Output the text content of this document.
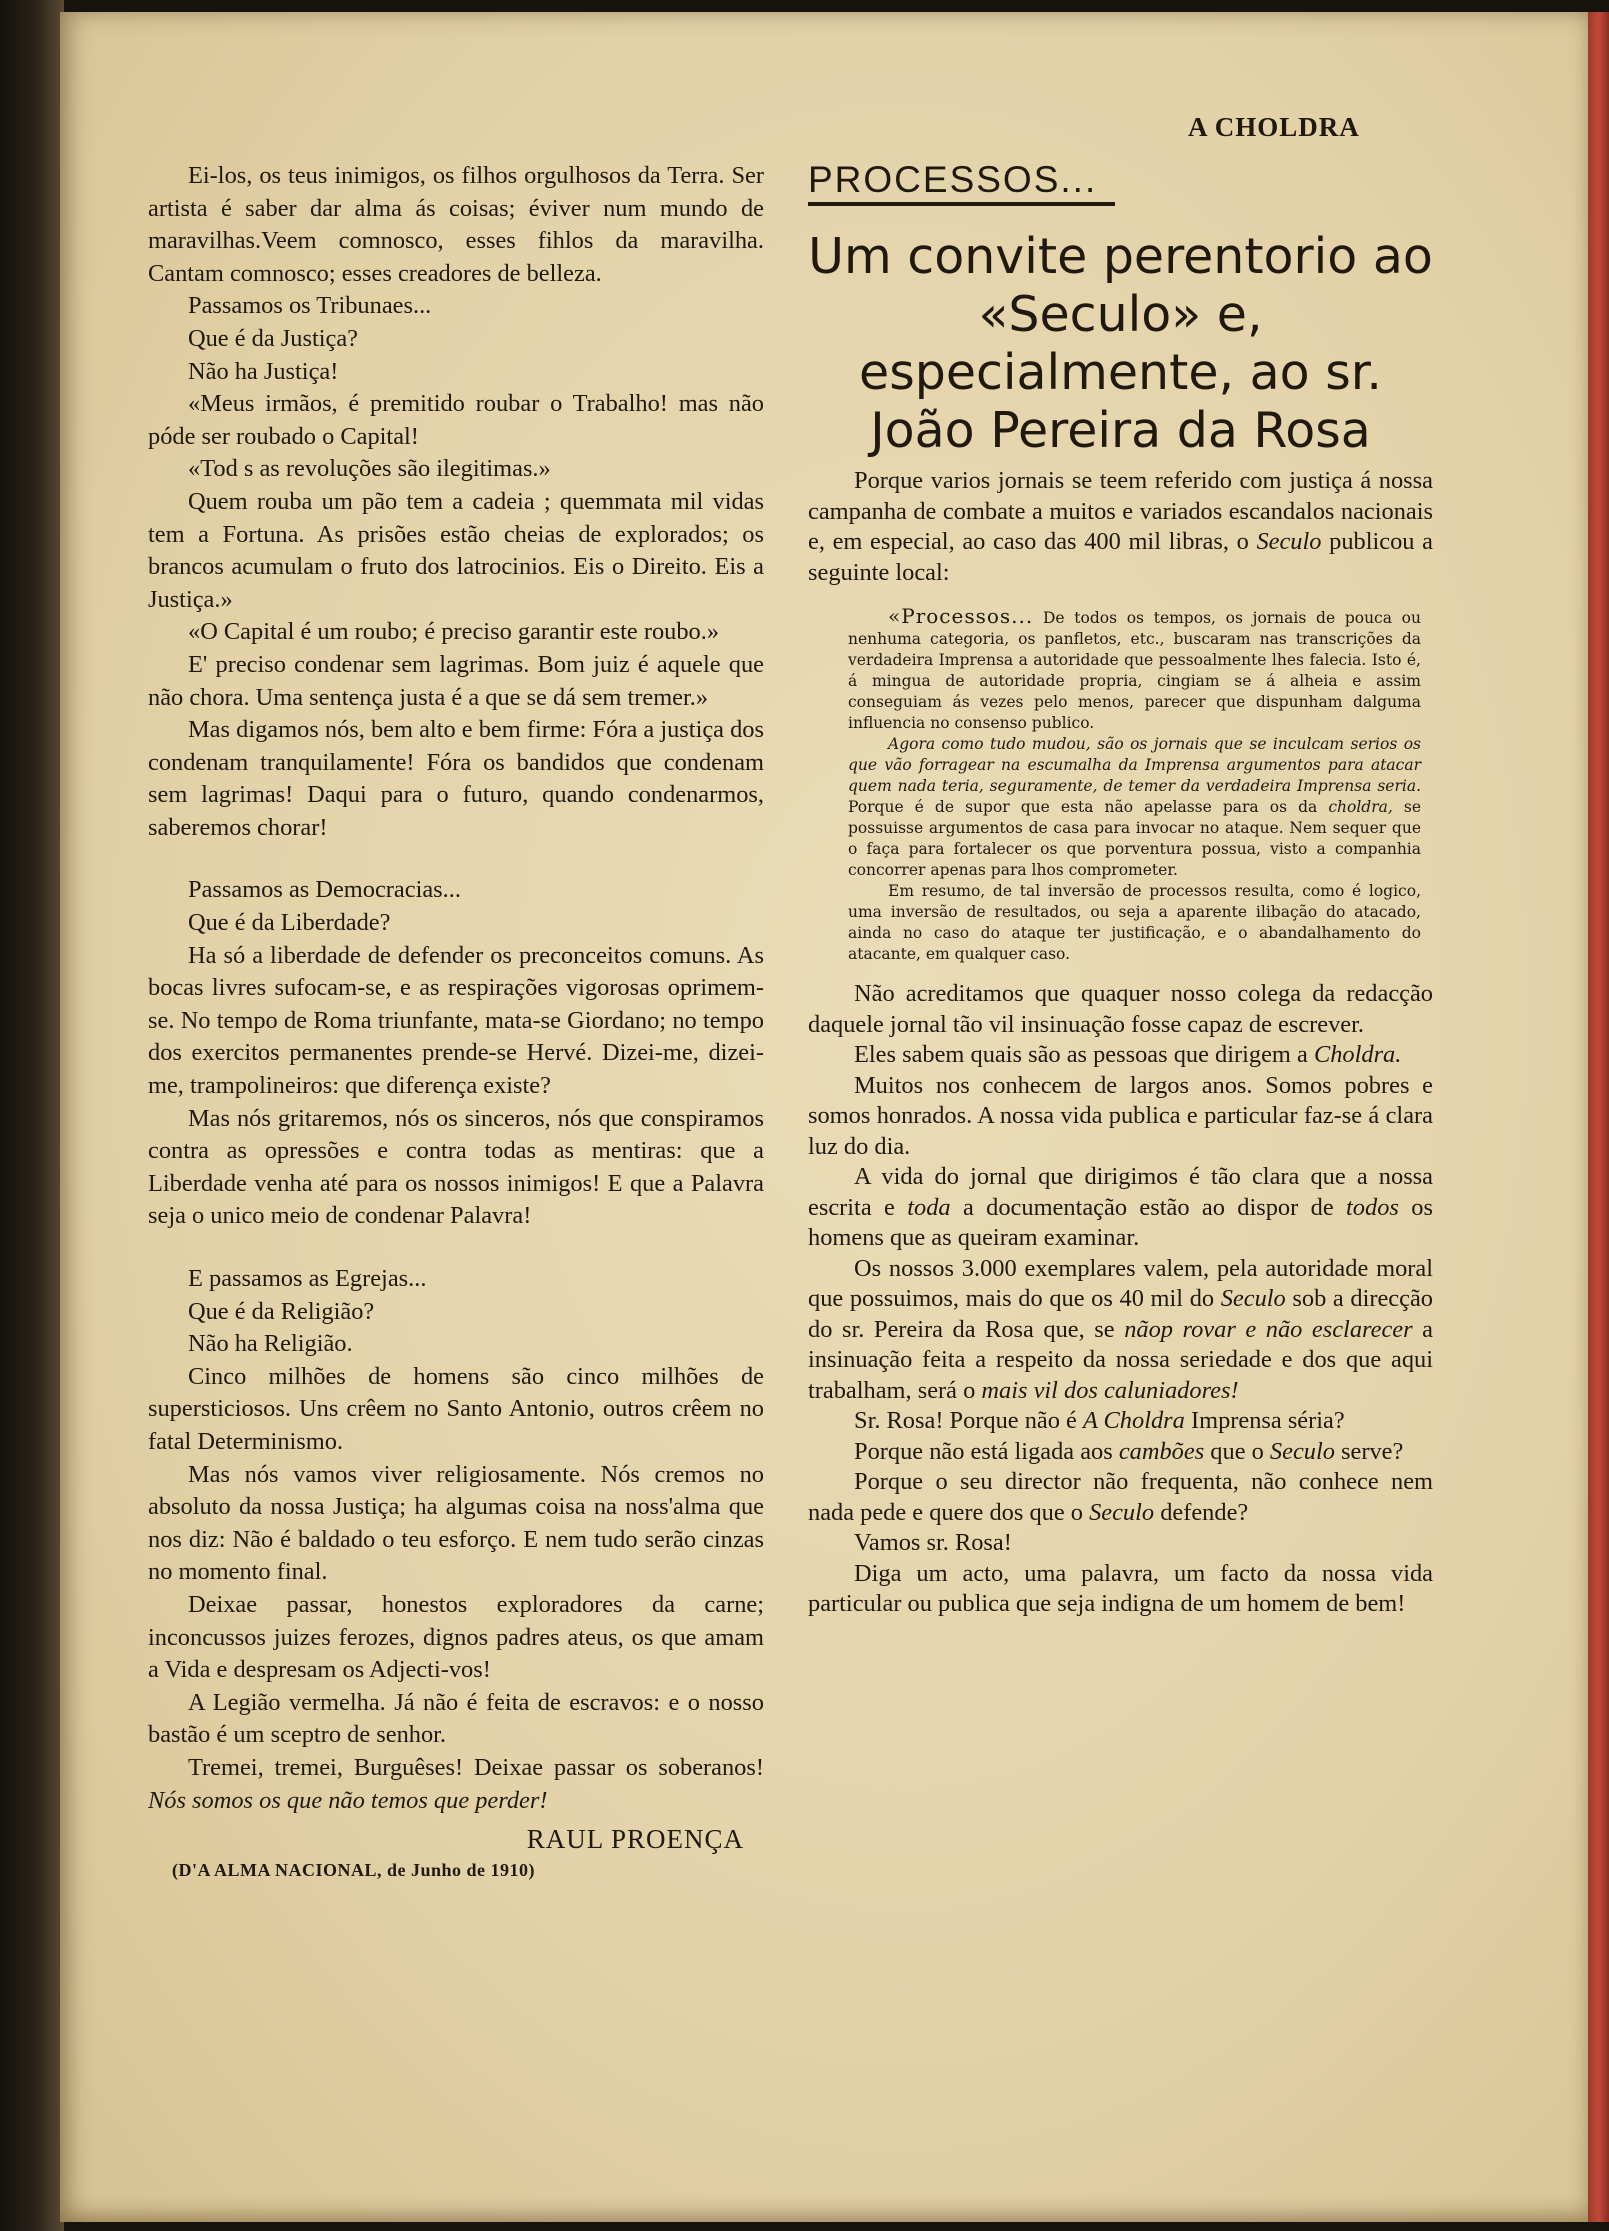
A CHOLDRA

Ei-los, os teus inimigos, os filhos orgulhosos da Terra. Ser artista é saber dar alma ás coisas; éviver num mundo de maravilhas.Veem comnosco, esses fihlos da maravilha. Cantam comnosco; esses creadores de belleza.

Passamos os Tribunaes...

Que é da Justiça?

Não ha Justiça!

«Meus irmãos, é premitido roubar o Trabalho! mas não póde ser roubado o Capital!

«Tod s as revoluções são ilegitimas.»

Quem rouba um pão tem a cadeia ; quemmata mil vidas tem a Fortuna. As prisões estão cheias de explorados; os brancos acumulam o fruto dos latrocinios. Eis o Direito. Eis a Justiça.»

«O Capital é um roubo; é preciso garantir este roubo.»

E' preciso condenar sem lagrimas. Bom juiz é aquele que não chora. Uma sentença justa é a que se dá sem tremer.»

Mas digamos nós, bem alto e bem firme: Fóra a justiça dos condenam tranquilamente! Fóra os bandidos que condenam sem lagrimas! Daqui para o futuro, quando condenarmos, saberemos chorar!

Passamos as Democracias...

Que é da Liberdade?

Ha só a liberdade de defender os preconceitos comuns. As bocas livres sufocam-se, e as respirações vigorosas oprimem-se. No tempo de Roma triunfante, mata-se Giordano; no tempo dos exercitos permanentes prende-se Hervé. Dizei-me, dizei-me, trampolineiros: que diferença existe?

Mas nós gritaremos, nós os sinceros, nós que conspiramos contra as opressões e contra todas as mentiras: que a Liberdade venha até para os nossos inimigos! E que a Palavra seja o unico meio de condenar Palavra!

E passamos as Egrejas...

Que é da Religião?

Não ha Religião.

Cinco milhões de homens são cinco milhões de supersticiosos. Uns crêem no Santo Antonio, outros crêem no fatal Determinismo.

Mas nós vamos viver religiosamente. Nós cremos no absoluto da nossa Justiça; ha algumas coisa na noss'alma que nos diz: Não é baldado o teu esforço. E nem tudo serão cinzas no momento final.

Deixae passar, honestos exploradores da carne; inconcussos juizes ferozes, dignos padres ateus, os que amam a Vida e despresam os Adjecti-vos!

A Legião vermelha. Já não é feita de escravos: e o nosso bastão é um sceptro de senhor.

Tremei, tremei, Burguêses! Deixae passar os soberanos! Nós somos os que não temos que perder!

RAUL PROENÇA
(D'A ALMA NACIONAL, de Junho de 1910)
PROCESSOS...
Um convite perentorio ao «Seculo» e, especialmente, ao sr. João Pereira da Rosa

Porque varios jornais se teem referido com justiça á nossa campanha de combate a muitos e variados escandalos nacionais e, em especial, ao caso das 400 mil libras, o Seculo publicou a seguinte local:

«Processos... De todos os tempos, os jornais de pouca ou nenhuma categoria, os panfletos, etc., buscaram nas transcrições da verdadeira Imprensa a autoridade que pessoalmente lhes falecia. Isto é, á mingua de autoridade propria, cingiam se á alheia e assim conseguiam ás vezes pelo menos, parecer que dispunham dalguma influencia no consenso publico.

Agora como tudo mudou, são os jornais que se inculcam serios os que vão forragear na escumalha da Imprensa argumentos para atacar quem nada teria, seguramente, de temer da verdadeira Imprensa seria. Porque é de supor que esta não apelasse para os da choldra, se possuisse argumentos de casa para invocar no ataque. Nem sequer que o faça para fortalecer os que porventura possua, visto a companhia concorrer apenas para lhos comprometer.

Em resumo, de tal inversão de processos resulta, como é logico, uma inversão de resultados, ou seja a aparente ilibação do atacado, ainda no caso do ataque ter justificação, e o abandalhamento do atacante, em qualquer caso.

Não acreditamos que quaquer nosso colega da redacção daquele jornal tão vil insinuação fosse capaz de escrever.

Eles sabem quais são as pessoas que dirigem a Choldra.

Muitos nos conhecem de largos anos. Somos pobres e somos honrados. A nossa vida publica e particular faz-se á clara luz do dia.

A vida do jornal que dirigimos é tão clara que a nossa escrita e toda a documentação estão ao dispor de todos os homens que as queiram examinar.

Os nossos 3.000 exemplares valem, pela autoridade moral que possuimos, mais do que os 40 mil do Seculo sob a direcção do sr. Pereira da Rosa que, se nãop rovar e não esclarecer a insinuação feita a respeito da nossa seriedade e dos que aqui trabalham, será o mais vil dos caluniadores!

Sr. Rosa! Porque não é A Choldra Imprensa séria?

Porque não está ligada aos cambões que o Seculo serve?

Porque o seu director não frequenta, não conhece nem nada pede e quere dos que o Seculo defende?

Vamos sr. Rosa!

Diga um acto, uma palavra, um facto da nossa vida particular ou publica que seja indigna de um homem de bem!
